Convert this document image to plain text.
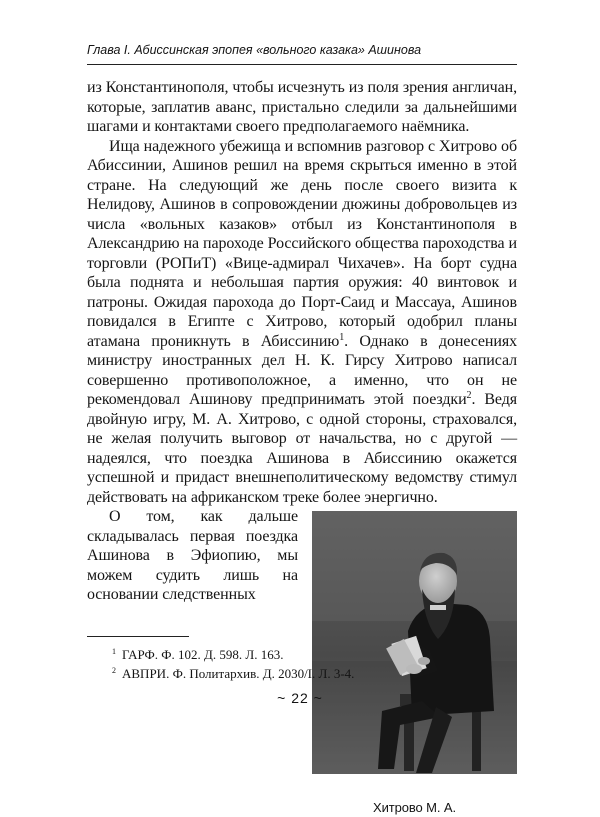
Глава I. Абиссинская эпопея «вольного казака» Ашинова

из Константинополя, чтобы исчезнуть из поля зрения англичан, которые, заплатив аванс, пристально следили за дальнейшими шагами и контактами своего предполагаемого наёмника.

Ища надежного убежища и вспомнив разговор с Хитрово об Абиссинии, Ашинов решил на время скрыться именно в этой стране. На следующий же день после своего визита к Нелидову, Ашинов в сопровождении дюжины добровольцев из числа «вольных казаков» отбыл из Константинополя в Александрию на пароходе Российского общества пароходства и торговли (РОПиТ) «Вице-адмирал Чихачев». На борт судна была поднята и небольшая партия оружия: 40 винтовок и патроны. Ожидая парохода до Порт-Саид и Массауа, Ашинов повидался в Египте с Хитрово, который одобрил планы атамана проникнуть в Абиссинию$^1$. Однако в донесениях министру иностранных дел Н. К. Гирсу Хитрово написал совершенно противоположное, а именно, что он не рекомендовал Ашинову предпринимать этой поездки$^2$. Ведя двойную игру, М. А. Хитрово, с одной стороны, страховался, не желая получить выговор от начальства, но с другой — надеялся, что поездка Ашинова в Абиссинию окажется успешной и придаст внешнеполитическому ведомству стимул действовать на африканском треке более энергично.

Хитрово М. А.

О том, как дальше складывалась первая поездка Ашинова в Эфиопию, мы можем судить лишь на основании следственных

$^1$ ГАРФ. Ф. 102. Д. 598. Л. 163.
$^2$ АВПРИ. Ф. Политархив. Д. 2030/I. Л. 3-4.
~ 22 ~
